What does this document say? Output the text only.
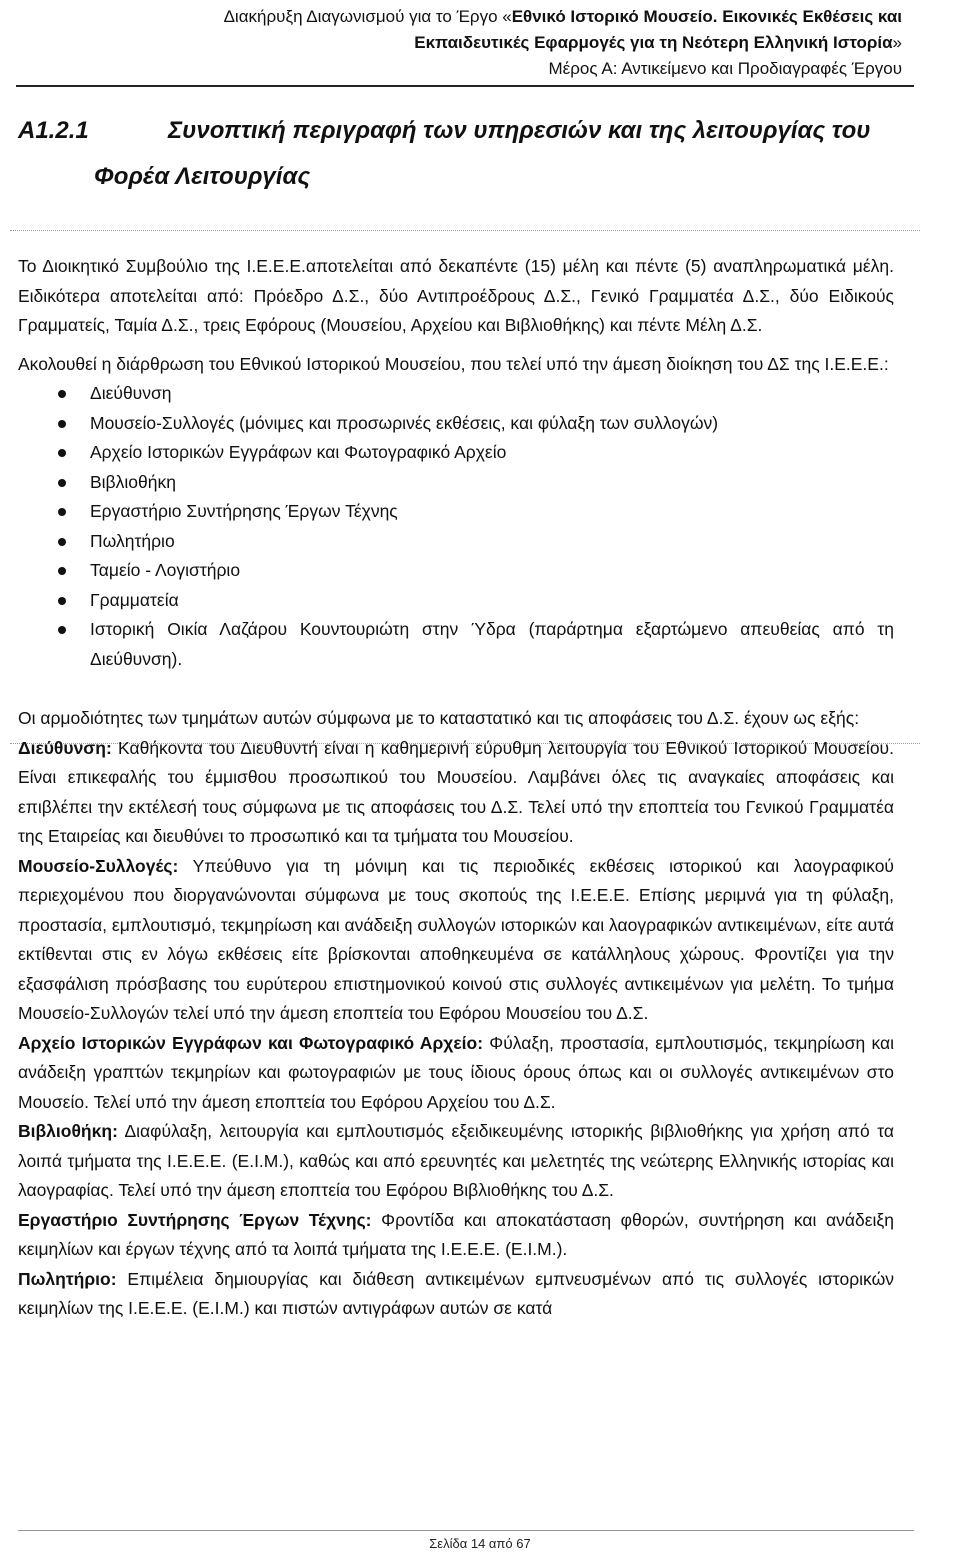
Διακήρυξη Διαγωνισμού για το Έργο «Εθνικό Ιστορικό Μουσείο. Εικονικές Εκθέσεις και
Εκπαιδευτικές Εφαρμογές για τη Νεότερη Ελληνική Ιστορία»
Μέρος Α: Αντικείμενο και Προδιαγραφές Έργου
Α1.2.1	Συνοπτική περιγραφή των υπηρεσιών και της λειτουργίας του
Φορέα Λειτουργίας

Το Διοικητικό Συμβούλιο της Ι.Ε.Ε.Ε.αποτελείται από δεκαπέντε (15) μέλη και πέντε (5) αναπληρωματικά μέλη. Ειδικότερα αποτελείται από: Πρόεδρο Δ.Σ., δύο Αντιπροέδρους Δ.Σ., Γενικό Γραμματέα Δ.Σ., δύο Ειδικούς Γραμματείς, Ταμία Δ.Σ., τρεις Εφόρους (Μουσείου, Αρχείου και Βιβλιοθήκης) και πέντε Μέλη Δ.Σ.

Ακολουθεί η διάρθρωση του Εθνικού Ιστορικού Μουσείου, που τελεί υπό την άμεση διοίκηση του ΔΣ της Ι.Ε.Ε.Ε.:

Διεύθυνση
Μουσείο-Συλλογές (μόνιμες και προσωρινές εκθέσεις, και φύλαξη των συλλογών)
Αρχείο Ιστορικών Εγγράφων και Φωτογραφικό Αρχείο
Βιβλιοθήκη
Εργαστήριο Συντήρησης Έργων Τέχνης
Πωλητήριο
Ταμείο - Λογιστήριο
Γραμματεία
Ιστορική Οικία Λαζάρου Κουντουριώτη στην Ύδρα (παράρτημα εξαρτώμενο απευθείας από τη Διεύθυνση).

Οι αρμοδιότητες των τμημάτων αυτών σύμφωνα με το καταστατικό και τις αποφάσεις του Δ.Σ. έχουν ως εξής:

Διεύθυνση: Καθήκοντα του Διευθυντή είναι η καθημερινή εύρυθμη λειτουργία του Εθνικού Ιστορικού Μουσείου. Είναι επικεφαλής του έμμισθου προσωπικού του Μουσείου. Λαμβάνει όλες τις αναγκαίες αποφάσεις και επιβλέπει την εκτέλεσή τους σύμφωνα με τις αποφάσεις του Δ.Σ. Τελεί υπό την εποπτεία του Γενικού Γραμματέα της Εταιρείας και διευθύνει το προσωπικό και τα τμήματα του Μουσείου.

Μουσείο-Συλλογές: Υπεύθυνο για τη μόνιμη και τις περιοδικές εκθέσεις ιστορικού και λαογραφικού περιεχομένου που διοργανώνονται σύμφωνα με τους σκοπούς της Ι.Ε.Ε.Ε. Επίσης μεριμνά για τη φύλαξη, προστασία, εμπλουτισμό, τεκμηρίωση και ανάδειξη συλλογών ιστορικών και λαογραφικών αντικειμένων, είτε αυτά εκτίθενται στις εν λόγω εκθέσεις είτε βρίσκονται αποθηκευμένα σε κατάλληλους χώρους. Φροντίζει για την εξασφάλιση πρόσβασης του ευρύτερου επιστημονικού κοινού στις συλλογές αντικειμένων για μελέτη. Το τμήμα Μουσείο-Συλλογών τελεί υπό την άμεση εποπτεία του Εφόρου Μουσείου του Δ.Σ.

Αρχείο Ιστορικών Εγγράφων και Φωτογραφικό Αρχείο: Φύλαξη, προστασία, εμπλουτισμός, τεκμηρίωση και ανάδειξη γραπτών τεκμηρίων και φωτογραφιών με τους ίδιους όρους όπως και οι συλλογές αντικειμένων στο Μουσείο. Τελεί υπό την άμεση εποπτεία του Εφόρου Αρχείου του Δ.Σ.

Βιβλιοθήκη: Διαφύλαξη, λειτουργία και εμπλουτισμός εξειδικευμένης ιστορικής βιβλιοθήκης για χρήση από τα λοιπά τμήματα της Ι.Ε.Ε.Ε. (Ε.Ι.Μ.), καθώς και από ερευνητές και μελετητές της νεώτερης Ελληνικής ιστορίας και λαογραφίας. Τελεί υπό την άμεση εποπτεία του Εφόρου Βιβλιοθήκης του Δ.Σ.

Εργαστήριο Συντήρησης Έργων Τέχνης: Φροντίδα και αποκατάσταση φθορών, συντήρηση και ανάδειξη κειμηλίων και έργων τέχνης από τα λοιπά τμήματα της Ι.Ε.Ε.Ε. (Ε.Ι.Μ.).

Πωλητήριο: Επιμέλεια δημιουργίας και διάθεση αντικειμένων εμπνευσμένων από τις συλλογές ιστορικών κειμηλίων της Ι.Ε.Ε.Ε. (Ε.Ι.Μ.) και πιστών αντιγράφων αυτών σε κατά

Σελίδα 14 από 67
